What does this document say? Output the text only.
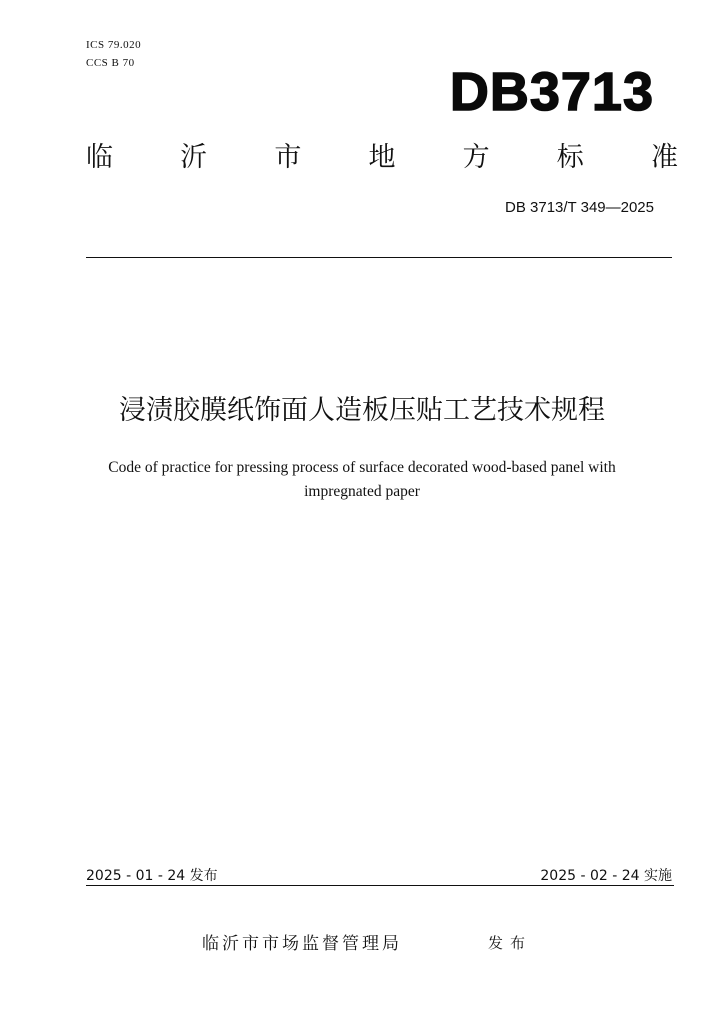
ICS 79.020
CCS B 70	DB3713
临 沂 市 地 方 标 准
DB 3713/T 349—2025
浸渍胶膜纸饰面人造板压贴工艺技术规程
Code of practice for pressing process of surface decorated wood-based panel with
impregnated paper
2025 - 01 - 24 发布	2025 - 02 - 24 实施
临沂市市场监督管理局	发布
